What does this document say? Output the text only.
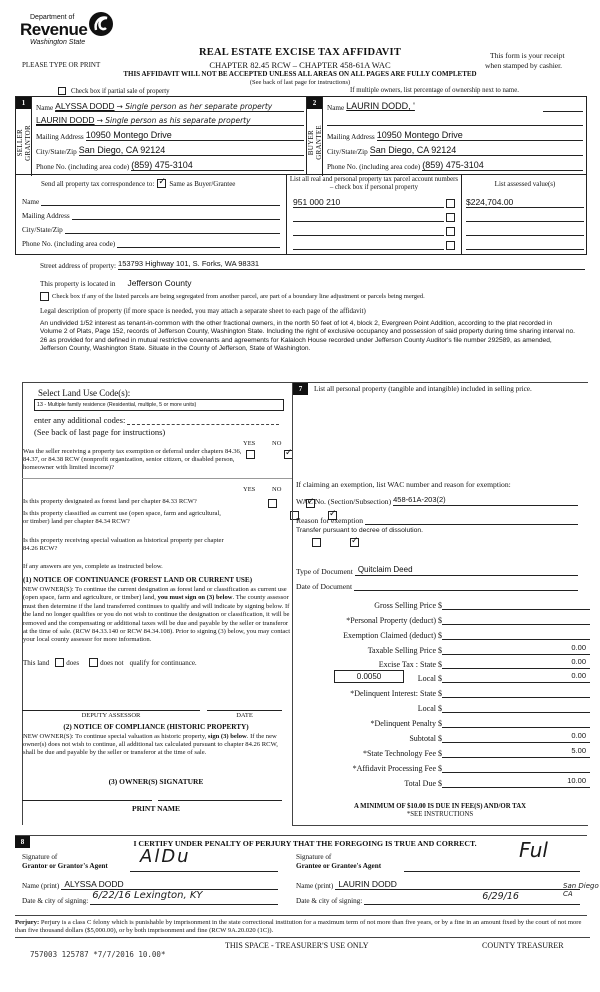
Department of
Revenue
Washington State
PLEASE TYPE OR PRINT
REAL ESTATE EXCISE TAX AFFIDAVIT
CHAPTER 82.45 RCW – CHAPTER 458-61A WAC
This form is your receipt
when stamped by cashier.
THIS AFFIDAVIT WILL NOT BE ACCEPTED UNLESS ALL AREAS ON ALL PAGES ARE FULLY COMPLETED
(See back of last page for instructions)
Check box if partial sale of property	If multiple owners, list percentage of ownership next to name.
1
SELLER GRANTOR
Name ALYSSA DODD → Single person as her separate property
LAURIN DODD → Single person as his separate property
Mailing Address 10950 Montego Drive
City/State/Zip San Diego, CA 92124
Phone No. (including area code) (859) 475-3104
2
BUYER GRANTEE
Name LAURIN DODD, '
Mailing Address 10950 Montego Drive
City/State/Zip San Diego, CA 92124
Phone No. (including area code) (859) 475-3104
Send all property tax correspondence to: ✓ Same as Buyer/Grantee
Name
Mailing Address
City/State/Zip
Phone No. (including area code)
List all real and personal property tax parcel account numbers – check box if personal property	List assessed value(s)
951 000 210	$224,704.00
Street address of property: 153793 Highway 101, S. Forks, WA 98331
This property is located in Jefferson County
Check box if any of the listed parcels are being segregated from another parcel, are part of a boundary line adjustment or parcels being merged.
Legal description of property (if more space is needed, you may attach a separate sheet to each page of the affidavit)
An undivided 1/52 interest as tenant-in-common with the other fractional owners, in the north 50 feet of lot 4, block 2, Evergreen Point Addition, according to the plat recorded in Volume 2 of Plats, Page 152, records of Jefferson County, Washington State. Including the right of exclusive occupancy and possession of said property during time sharing interval no. 26 as provided for and defined in mutual restrictive covenants and agreements for Kalaloch House recorded under Jefferson County Auditor's file number 292589, as amended, Jefferson County, Washington State. Situate in the County of Jefferson, State of Washington.
Select Land Use Code(s):
13 - Multiple family residence (Residential, multiple, 5 or more units)
enter any additional codes:
(See back of last page for instructions)
YES	NO
Was the seller receiving a property tax exemption or deferral under chapters 84.36, 84.37, or 84.38 RCW (nonprofit organization, senior citizen, or disabled person, homeowner with limited income)?
✓
YES	NO
Is this property designated as forest land per chapter 84.33 RCW?
✓
Is this property classified as current use (open space, farm and agricultural, or timber) land per chapter 84.34 RCW?
✓
Is this property receiving special valuation as historical property per chapter 84.26 RCW?
✓
If any answers are yes, complete as instructed below.
(1) NOTICE OF CONTINUANCE (FOREST LAND OR CURRENT USE)
NEW OWNER(S): To continue the current designation as forest land or classification as current use (open space, farm and agriculture, or timber) land, you must sign on (3) below. The county assessor must then determine if the land transferred continues to qualify and will indicate by signing below. If the land no longer qualifies or you do not wish to continue the designation or classification, it will be removed and the compensating or additional taxes will be due and payable by the seller or transferor at the time of sale. (RCW 84.33.140 or RCW 84.34.108). Prior to signing (3) below, you may contact your local county assessor for more information.
This land does	does not qualify for continuance.
DEPUTY ASSESSOR	DATE
(2) NOTICE OF COMPLIANCE (HISTORIC PROPERTY)
NEW OWNER(S): To continue special valuation as historic property, sign (3) below. If the new owner(s) does not wish to continue, all additional tax calculated pursuant to chapter 84.26 RCW, shall be due and payable by the seller or transferor at the time of sale.
(3) OWNER(S) SIGNATURE
PRINT NAME
7	List all personal property (tangible and intangible) included in selling price.
If claiming an exemption, list WAC number and reason for exemption:
WAC No. (Section/Subsection) 458-61A-203(2)
Reason for exemption
Transfer pursuant to decree of dissolution.
Type of Document Quitclaim Deed
Date of Document
Gross Selling Price $
*Personal Property (deduct) $
Exemption Claimed (deduct) $
Taxable Selling Price $	0.00
Excise Tax : State $	0.00
0.0050	Local $	0.00
*Delinquent Interest: State $
Local $
*Delinquent Penalty $
Subtotal $	0.00
*State Technology Fee $	5.00
*Affidavit Processing Fee $
Total Due $	10.00
A MINIMUM OF $10.00 IS DUE IN FEE(S) AND/OR TAX
*SEE INSTRUCTIONS
8	I CERTIFY UNDER PENALTY OF PERJURY THAT THE FOREGOING IS TRUE AND CORRECT.
Signature of
Grantor or Grantor's Agent AlDu
Name (print) ALYSSA DODD
Date & city of signing: 6/22/16 Lexington, KY
Signature of
Grantee or Grantee's Agent
Ful
Name (print) LAURIN DODD
Date & city of signing:	6/29/16
San Diego CA
Perjury: Perjury is a class C felony which is punishable by imprisonment in the state correctional institution for a maximum term of not more than five years, or by a fine in an amount fixed by the court of not more than five thousand dollars ($5,000.00), or by both imprisonment and fine (RCW 9A.20.020 (1C)).
THIS SPACE - TREASURER'S USE ONLY	COUNTY TREASURER
757003 125787 *7/7/2016 10.00*
